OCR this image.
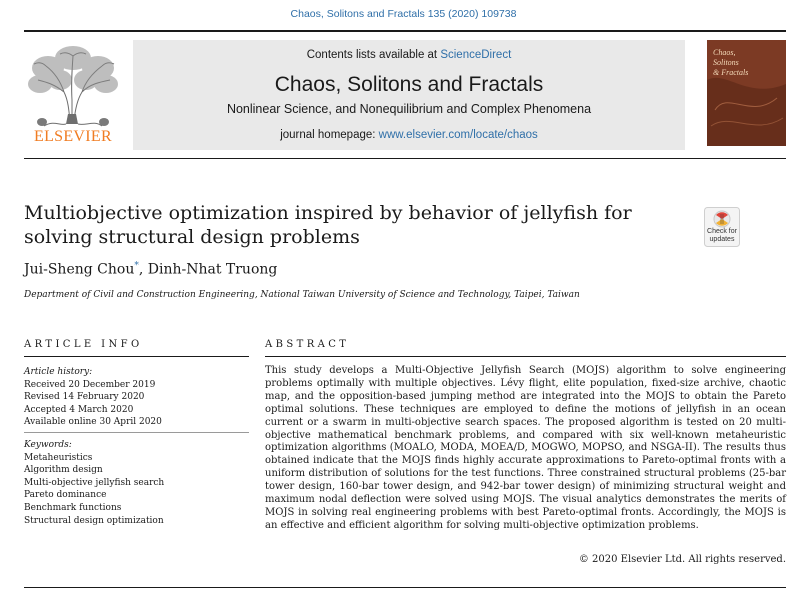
Chaos, Solitons and Fractals 135 (2020) 109738
ELSEVIER
Contents lists available at ScienceDirect
Chaos, Solitons and Fractals
Nonlinear Science, and Nonequilibrium and Complex Phenomena
journal homepage: www.elsevier.com/locate/chaos
Chaos,
Solitons
& Fractals
Multiobjective optimization inspired by behavior of jellyfish for
solving structural design problems	Check for
updates
Jui-Sheng Chou*, Dinh-Nhat Truong
Department of Civil and Construction Engineering, National Taiwan University of Science and Technology, Taipei, Taiwan
ARTICLE INFO	ABSTRACT
Article history:
Received 20 December 2019
Revised 14 February 2020
Accepted 4 March 2020
Available online 30 April 2020
Keywords:
Metaheuristics
Algorithm design
Multi-objective jellyfish search
Pareto dominance
Benchmark functions
Structural design optimization
This study develops a Multi-Objective Jellyfish Search (MOJS) algorithm to solve engineering problems optimally with multiple objectives. Lévy flight, elite population, fixed-size archive, chaotic map, and the opposition-based jumping method are integrated into the MOJS to obtain the Pareto optimal solutions. These techniques are employed to define the motions of jellyfish in an ocean current or a swarm in multi-objective search spaces. The proposed algorithm is tested on 20 multi-objective mathematical benchmark problems, and compared with six well-known metaheuristic optimization algorithms (MOALO, MODA, MOEA/D, MOGWO, MOPSO, and NSGA-II). The results thus obtained indicate that the MOJS finds highly accurate approximations to Pareto-optimal fronts with a uniform distribution of solutions for the test functions. Three constrained structural problems (25-bar tower design, 160-bar tower design, and 942-bar tower design) of minimizing structural weight and maximum nodal deflection were solved using MOJS. The visual analytics demonstrates the merits of MOJS in solving real engineering problems with best Pareto-optimal fronts. Accordingly, the MOJS is an effective and efficient algorithm for solving multi-objective optimization problems.
© 2020 Elsevier Ltd. All rights reserved.
